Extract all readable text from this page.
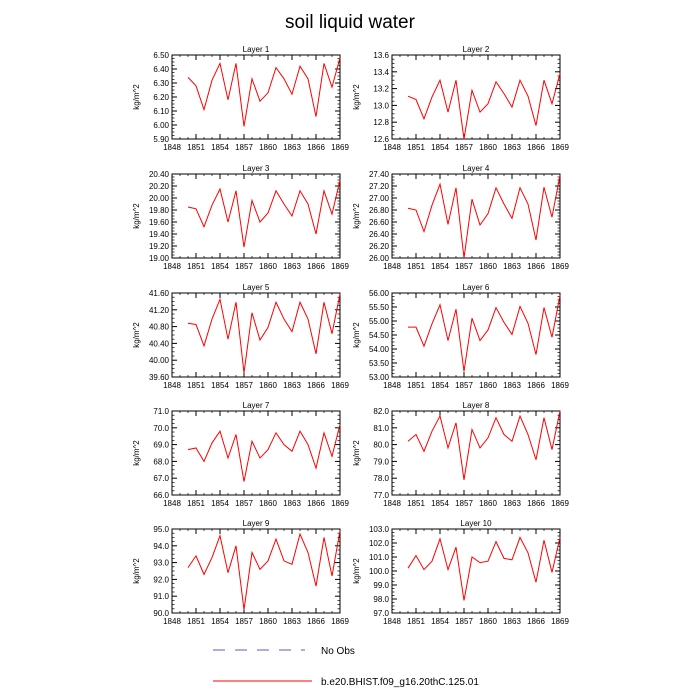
soil liquid water
Layer 1
1848 1851 1854 1857 1860 1863 1866 1869
5.90
6.00
6.10
6.20
6.30
6.40
6.50
kg/m^2
Layer 2
1848 1851 1854 1857 1860 1863 1866 1869
12.6
12.8
13.0
13.2
13.4
13.6
kg/m^2
Layer 3
1848 1851 1854 1857 1860 1863 1866 1869
19.00
19.20
19.40
19.60
19.80
20.00
20.20
20.40
kg/m^2
Layer 4
1848 1851 1854 1857 1860 1863 1866 1869
26.00
26.20
26.40
26.60
26.80
27.00
27.20
27.40
kg/m^2
Layer 5
1848 1851 1854 1857 1860 1863 1866 1869
39.60
40.00
40.40
40.80
41.20
41.60
kg/m^2
Layer 6
1848 1851 1854 1857 1860 1863 1866 1869
53.00
53.50
54.00
54.50
55.00
55.50
56.00
kg/m^2
Layer 7
1848 1851 1854 1857 1860 1863 1866 1869
66.0
67.0
68.0
69.0
70.0
71.0
kg/m^2
Layer 8
1848 1851 1854 1857 1860 1863 1866 1869
77.0
78.0
79.0
80.0
81.0
82.0
kg/m^2
Layer 9
1848 1851 1854 1857 1860 1863 1866 1869
90.0
91.0
92.0
93.0
94.0
95.0
kg/m^2
Layer 10
1848 1851 1854 1857 1860 1863 1866 1869
97.0
98.0
99.0
100.0
101.0
102.0
103.0
kg/m^2
No Obs
b.e20.BHIST.f09_g16.20thC.125.01
